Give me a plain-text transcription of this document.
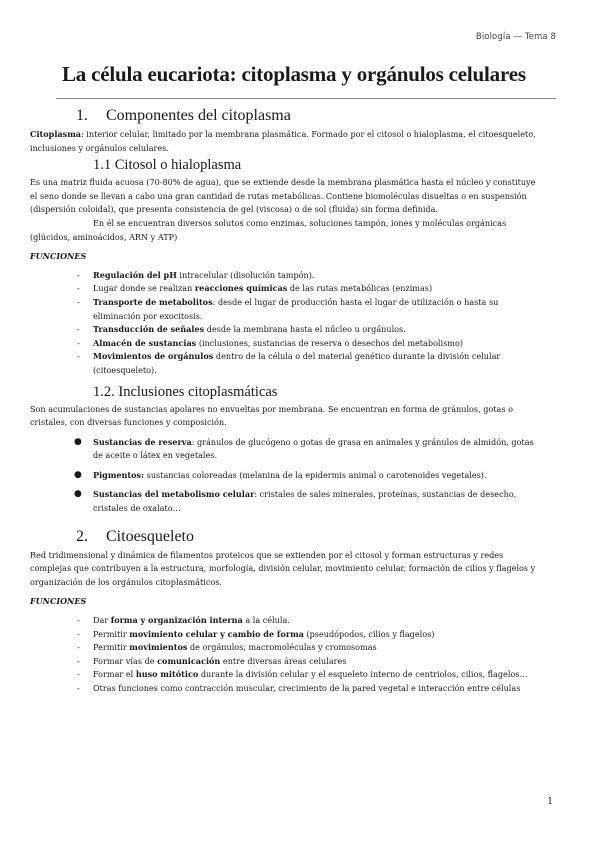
Biología — Tema 8
La célula eucariota: citoplasma y orgánulos celulares
1. Componentes del citoplasma

Citoplasma: interior celular, limitado por la membrana plasmática. Formado por el citosol o hialoplasma, el citoesqueleto, inclusiones y orgánulos celulares.

1.1 Citosol o hialoplasma

Es una matriz fluida acuosa (70-80% de agua), que se extiende desde la membrana plasmática hasta el núcleo y constituye el seno donde se llevan a cabo una gran cantidad de rutas metabólicas. Contiene biomoléculas disueltas o en suspensión (dispersión coloidal), que presenta consistencia de gel (viscosa) o de sol (fluida) sin forma definida.

En él se encuentran diversos solutos como enzimas, soluciones tampón, iones y moléculas orgánicas (glúcidos, aminoácidos, ARN y ATP)

FUNCIONES
- Regulación del pH intracelular (disolución tampón).
- Lugar donde se realizan reacciones químicas de las rutas metabólicas (enzimas)
- Transporte de metabolitos: desde el lugar de producción hasta el lugar de utilización o hasta su eliminación por exocitosis.
- Transducción de señales desde la membrana hasta el núcleo u orgánulos.
- Almacén de sustancias (inclusiones, sustancias de reserva o desechos del metabolismo)
- Movimientos de orgánulos dentro de la célula o del material genético durante la división celular (citoesqueleto).
1.2. Inclusiones citoplasmáticas

Son acumulaciones de sustancias apolares no envueltas por membrana. Se encuentran en forma de gránulos, gotas o cristales, con diversas funciones y composición.

● Sustancias de reserva: gránulos de glucógeno o gotas de grasa en animales y gránulos de almidón, gotas de aceite o látex en vegetales.
● Pigmentos: sustancias coloreadas (melanina de la epidermis animal o carotenoides vegetales).
● Sustancias del metabolismo celular: cristales de sales minerales, proteínas, sustancias de desecho, cristales de oxalato…
2. Citoesqueleto

Red tridimensional y dinámica de filamentos proteicos que se extienden por el citosol y forman estructuras y redes complejas que contribuyen a la estructura, morfología, división celular, movimiento celular, formación de cilios y flagelos y organización de los orgánulos citoplasmáticos.

FUNCIONES
- Dar forma y organización interna a la célula.
- Permitir movimiento celular y cambio de forma (pseudópodos, cilios y flagelos)
- Permitir movimientos de orgánulos, macromoléculas y cromosomas
- Formar vías de comunicación entre diversas áreas celulares
- Formar el huso mitótico durante la división celular y el esqueleto interno de centriolos, cilios, flagelos…
- Otras funciones como contracción muscular, crecimiento de la pared vegetal e interacción entre células
1
